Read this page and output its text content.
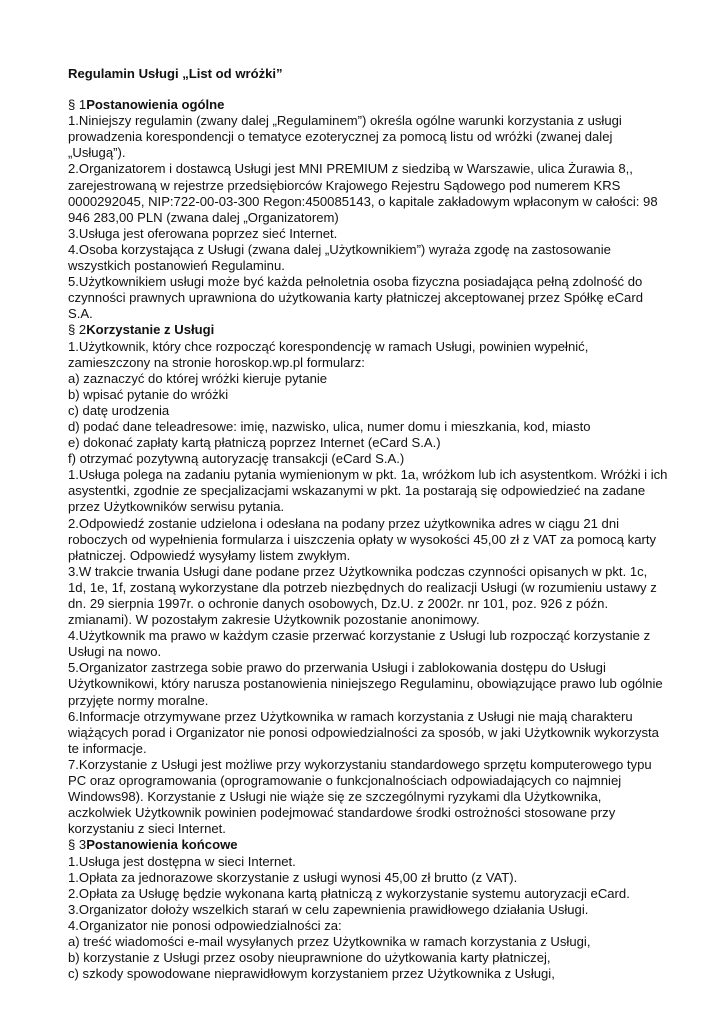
Regulamin Usługi „List od wróżki”

§ 1Postanowienia ogólne

1.Niniejszy regulamin (zwany dalej „Regulaminem”) określa ogólne warunki korzystania z usługi prowadzenia korespondencji o tematyce ezoterycznej za pomocą listu od wróżki (zwanej dalej „Usługą”).

2.Organizatorem i dostawcą Usługi jest MNI PREMIUM z siedzibą w Warszawie, ulica Żurawia 8,, zarejestrowaną w rejestrze przedsiębiorców Krajowego Rejestru Sądowego pod numerem KRS 0000292045, NIP:722-00-03-300 Regon:450085143, o kapitale zakładowym wpłaconym w całości: 98 946 283,00 PLN (zwana dalej „Organizatorem)

3.Usługa jest oferowana poprzez sieć Internet.

4.Osoba korzystająca z Usługi (zwana dalej „Użytkownikiem”) wyraża zgodę na zastosowanie wszystkich postanowień Regulaminu.

5.Użytkownikiem usługi może być każda pełnoletnia osoba fizyczna posiadająca pełną zdolność do czynności prawnych uprawniona do użytkowania karty płatniczej akceptowanej przez Spółkę eCard S.A.

§ 2Korzystanie z Usługi

1.Użytkownik, który chce rozpocząć korespondencję w ramach Usługi, powinien wypełnić, zamieszczony na stronie horoskop.wp.pl formularz:

a) zaznaczyć do której wróżki kieruje pytanie

b) wpisać pytanie do wróżki

c) datę urodzenia

d) podać dane teleadresowe: imię, nazwisko, ulica, numer domu i mieszkania, kod, miasto

e) dokonać zapłaty kartą płatniczą poprzez Internet (eCard S.A.)

f) otrzymać pozytywną autoryzację transakcji (eCard S.A.)

1.Usługa polega na zadaniu pytania wymienionym w pkt. 1a, wróżkom lub ich asystentkom. Wróżki i ich asystentki, zgodnie ze specjalizacjami wskazanymi w pkt. 1a postarają się odpowiedzieć na zadane przez Użytkowników serwisu pytania.

2.Odpowiedź zostanie udzielona i odesłana na podany przez użytkownika adres w ciągu 21 dni roboczych od wypełnienia formularza i uiszczenia opłaty w wysokości 45,00 zł z VAT za pomocą karty płatniczej. Odpowiedź wysyłamy listem zwykłym.

3.W trakcie trwania Usługi dane podane przez Użytkownika podczas czynności opisanych w pkt. 1c, 1d, 1e, 1f, zostaną wykorzystane dla potrzeb niezbędnych do realizacji Usługi (w rozumieniu ustawy z dn. 29 sierpnia 1997r. o ochronie danych osobowych, Dz.U. z 2002r. nr 101, poz. 926 z późn. zmianami). W pozostałym zakresie Użytkownik pozostanie anonimowy.

4.Użytkownik ma prawo w każdym czasie przerwać korzystanie z Usługi lub rozpocząć korzystanie z Usługi na nowo.

5.Organizator zastrzega sobie prawo do przerwania Usługi i zablokowania dostępu do Usługi Użytkownikowi, który narusza postanowienia niniejszego Regulaminu, obowiązujące prawo lub ogólnie przyjęte normy moralne.

6.Informacje otrzymywane przez Użytkownika w ramach korzystania z Usługi nie mają charakteru wiążących porad i Organizator nie ponosi odpowiedzialności za sposób, w jaki Użytkownik wykorzysta te informacje.

7.Korzystanie z Usługi jest możliwe przy wykorzystaniu standardowego sprzętu komputerowego typu PC oraz oprogramowania (oprogramowanie o funkcjonalnościach odpowiadających co najmniej Windows98). Korzystanie z Usługi nie wiąże się ze szczególnymi ryzykami dla Użytkownika, aczkolwiek Użytkownik powinien podejmować standardowe środki ostrożności stosowane przy korzystaniu z sieci Internet.

§ 3Postanowienia końcowe

1.Usługa jest dostępna w sieci Internet.

1.Opłata za jednorazowe skorzystanie z usługi wynosi 45,00 zł brutto (z VAT).

2.Opłata za Usługę będzie wykonana kartą płatniczą z wykorzystanie systemu autoryzacji eCard.

3.Organizator dołoży wszelkich starań w celu zapewnienia prawidłowego działania Usługi.

4.Organizator nie ponosi odpowiedzialności za:

a) treść wiadomości e-mail wysyłanych przez Użytkownika w ramach korzystania z Usługi,

b) korzystanie z Usługi przez osoby nieuprawnione do użytkowania karty płatniczej,

c) szkody spowodowane nieprawidłowym korzystaniem przez Użytkownika z Usługi,
